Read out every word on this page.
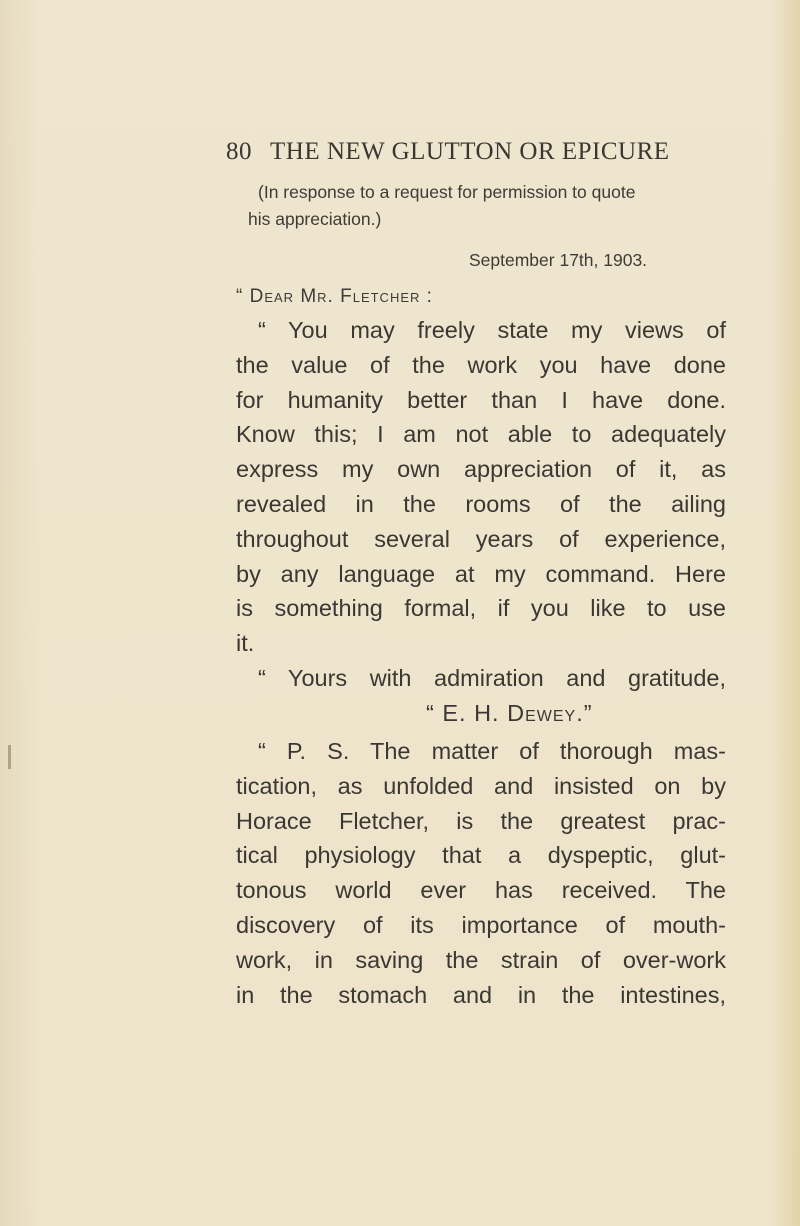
80 THE NEW GLUTTON OR EPICURE
(In response to a request for permission to quote
his appreciation.)
September 17th, 1903.
“ Dear Mr. Fletcher :
“ You may freely state my views of
the value of the work you have done
for humanity better than I have done.
Know this; I am not able to adequately
express my own appreciation of it, as
revealed in the rooms of the ailing
throughout several years of experience,
by any language at my command. Here
is something formal, if you like to use
it.
“ Yours with admiration and gratitude,
“ E. H. Dewey.”
“ P. S. The matter of thorough mas-
tication, as unfolded and insisted on by
Horace Fletcher, is the greatest prac-
tical physiology that a dyspeptic, glut-
tonous world ever has received. The
discovery of its importance of mouth-
work, in saving the strain of over-work
in the stomach and in the intestines,
